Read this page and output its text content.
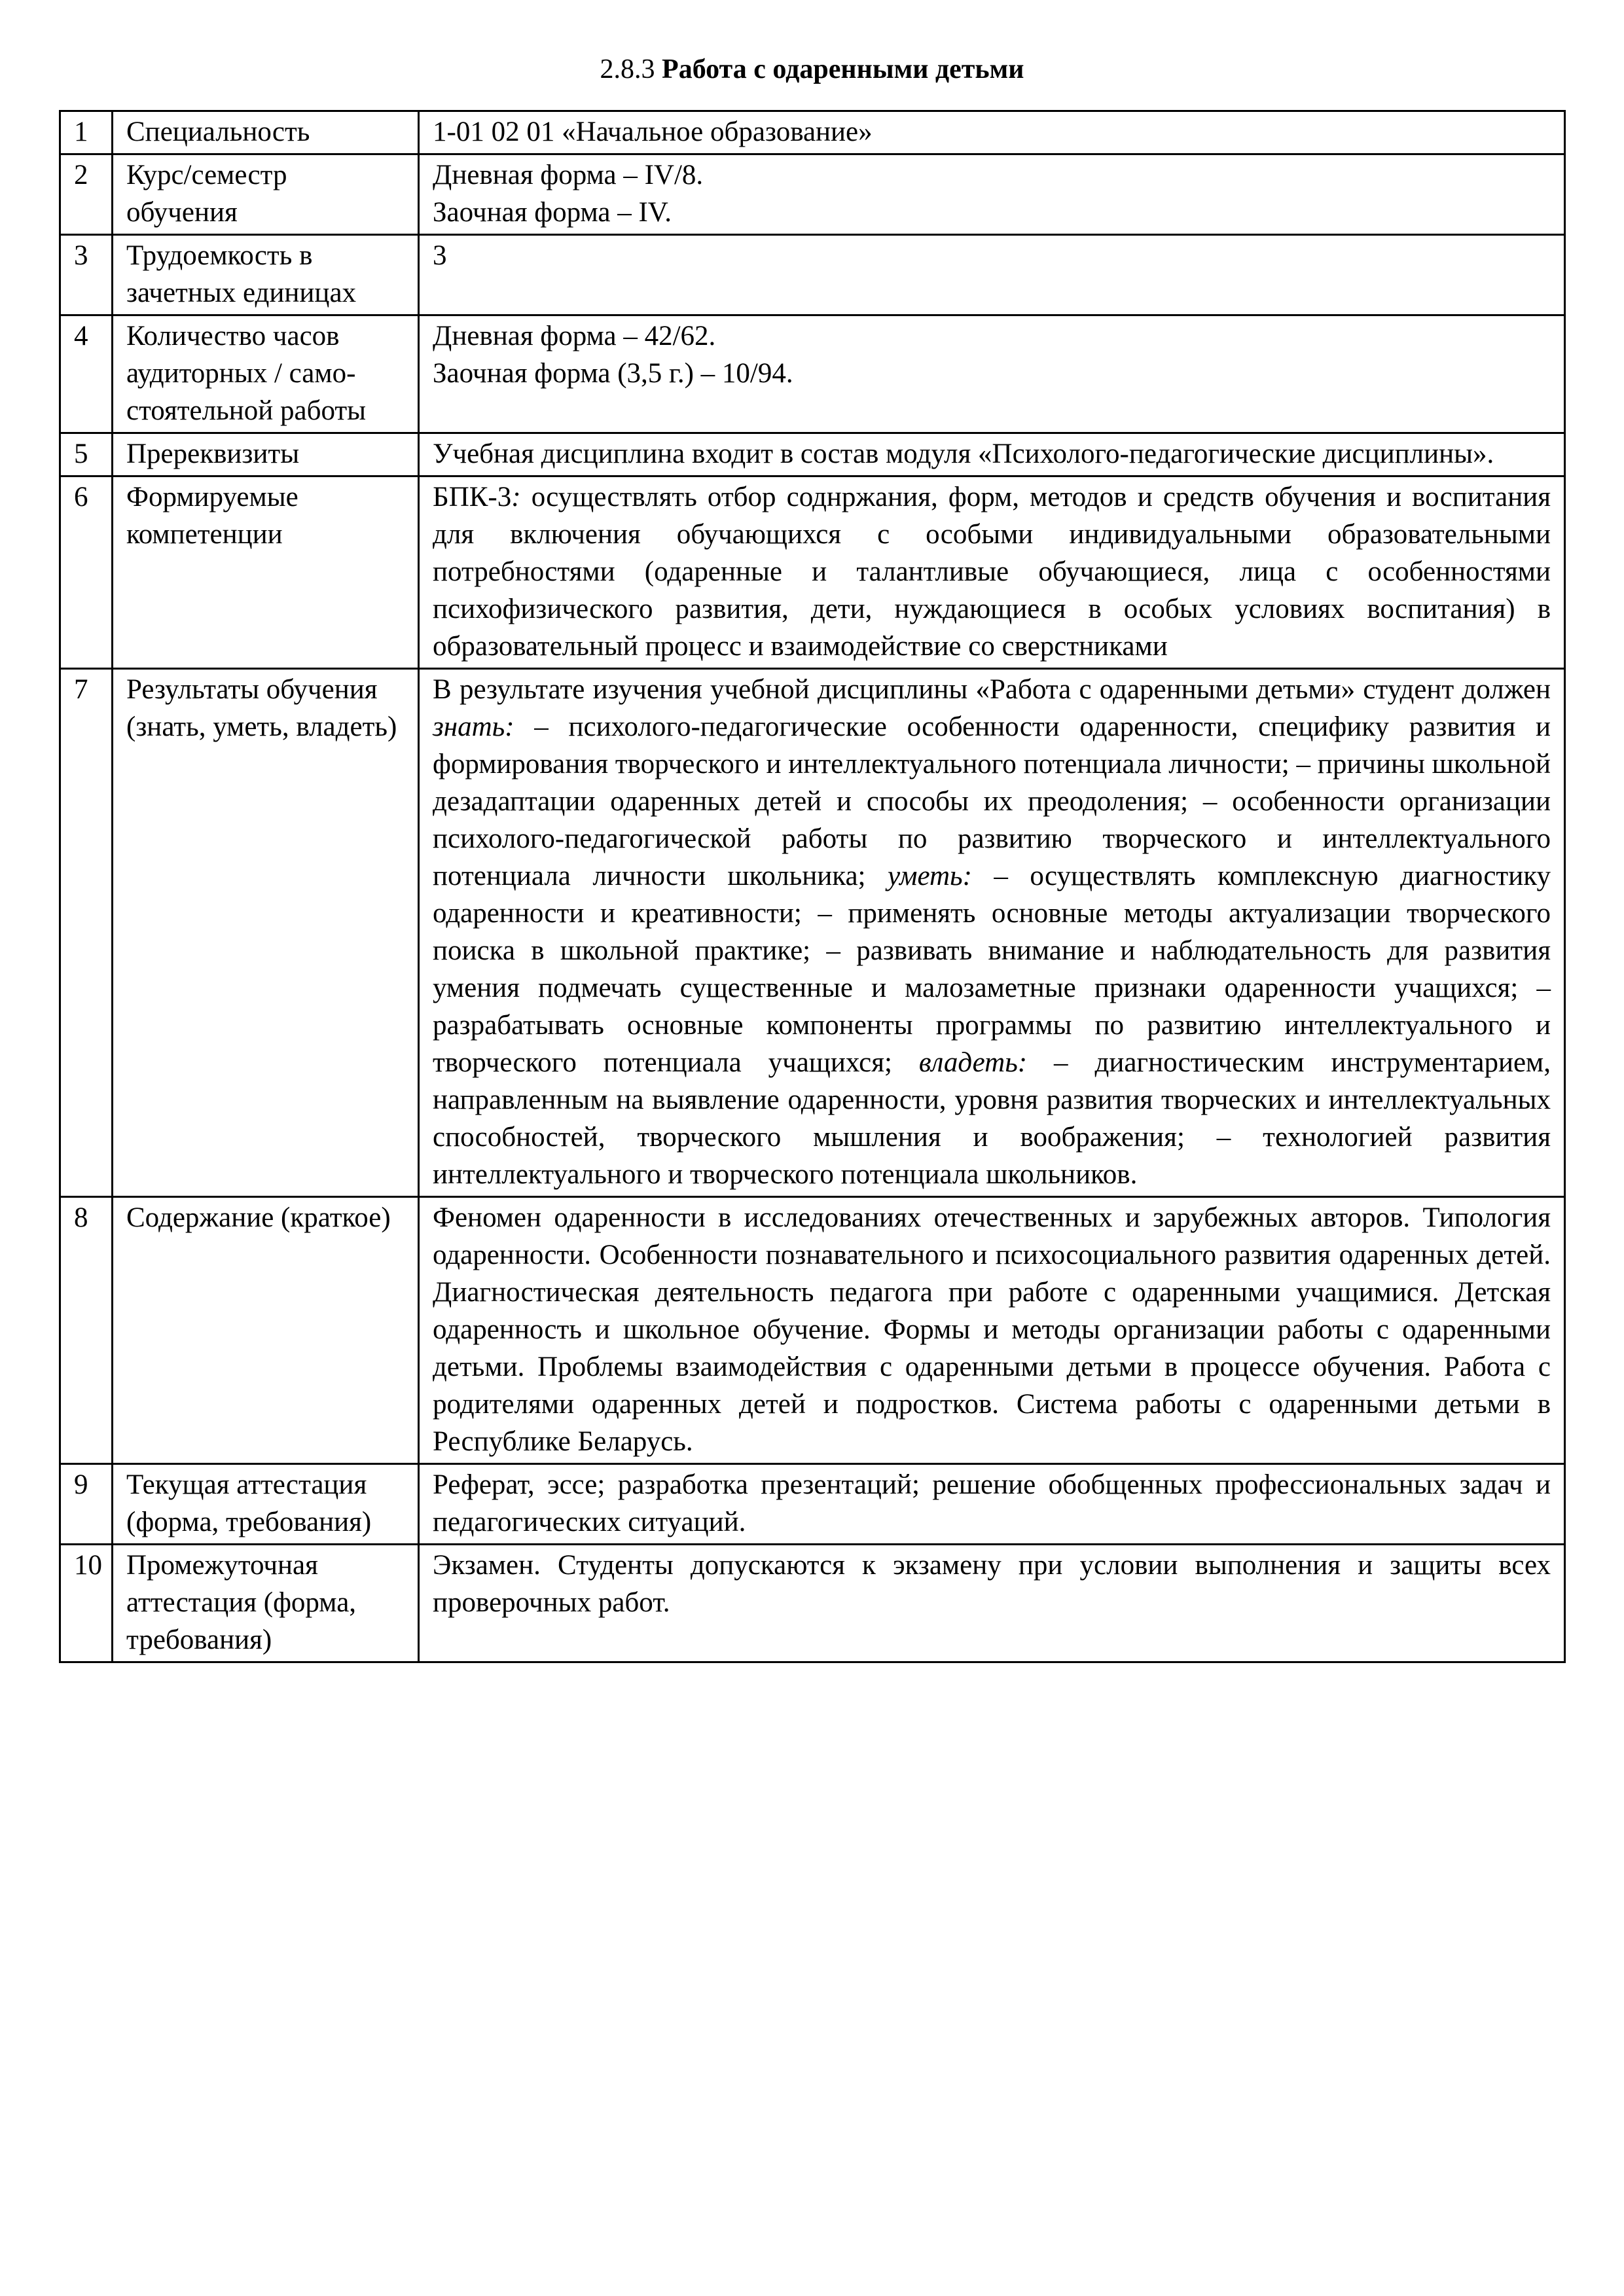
2.8.3 Работа с одаренными детьми
1	Специальность	1-01 02 01 «Начальное образование»
2	Курс/семестр обучения	Дневная форма – IV/8.
Заочная форма – IV.

3	Трудоемкость в зачетных единицах	3
4	Количество часов аудиторных / само-стоятельной работы	Дневная форма – 42/62.
Заочная форма (3,5 г.) – 10/94.

5	Пререквизиты	Учебная дисциплина входит в состав модуля «Психолого-педагогические дисциплины».
6	Формируемые компетенции	БПК-3: осуществлять отбор соднржания, форм, методов и средств обучения и воспитания для включения обучающихся с особыми индивидуальными образовательными потребностями (одаренные и талантливые обучающиеся, лица с особенностями психофизического развития, дети, нуждающиеся в особых условиях воспитания) в образовательный процесс и взаимодействие со сверстниками
7	Результаты обучения (знать, уметь, владеть)	В результате изучения учебной дисциплины «Работа с одаренными детьми» студент должен знать: – психолого-педагогические особенности одаренности, специфику развития и формирования творческого и интеллектуального потенциала личности; – причины школьной дезадаптации одаренных детей и способы их преодоления; – особенности организации психолого-педагогической работы по развитию творческого и интеллектуального потенциала личности школьника; уметь: – осуществлять комплексную диагностику одаренности и креативности; – применять основные методы актуализации творческого поиска в школьной практике; – развивать внимание и наблюдательность для развития умения подмечать существенные и малозаметные признаки одаренности учащихся; – разрабатывать основные компоненты программы по развитию интеллектуального и творческого потенциала учащихся; владеть: – диагностическим инструментарием, направленным на выявление одаренности, уровня развития творческих и интеллектуальных способностей, творческого мышления и воображения; – технологией развития интеллектуального и творческого потенциала школьников.
8	Содержание (краткое)	Феномен одаренности в исследованиях отечественных и зарубежных авторов. Типология одаренности. Особенности познавательного и психосоциального развития одаренных детей. Диагностическая деятельность педагога при работе с одаренными учащимися. Детская одаренность и школьное обучение. Формы и методы организации работы с одаренными детьми. Проблемы взаимодействия с одаренными детьми в процессе обучения. Работа с родителями одаренных детей и подростков. Система работы с одаренными детьми в Республике Беларусь.
9	Текущая аттестация (форма, требования)	Реферат, эссе; разработка презентаций; решение обобщенных профессиональных задач и педагогических ситуаций.
10	Промежуточная аттестация (форма, требования)	Экзамен. Студенты допускаются к экзамену при условии выполнения и защиты всех проверочных работ.
